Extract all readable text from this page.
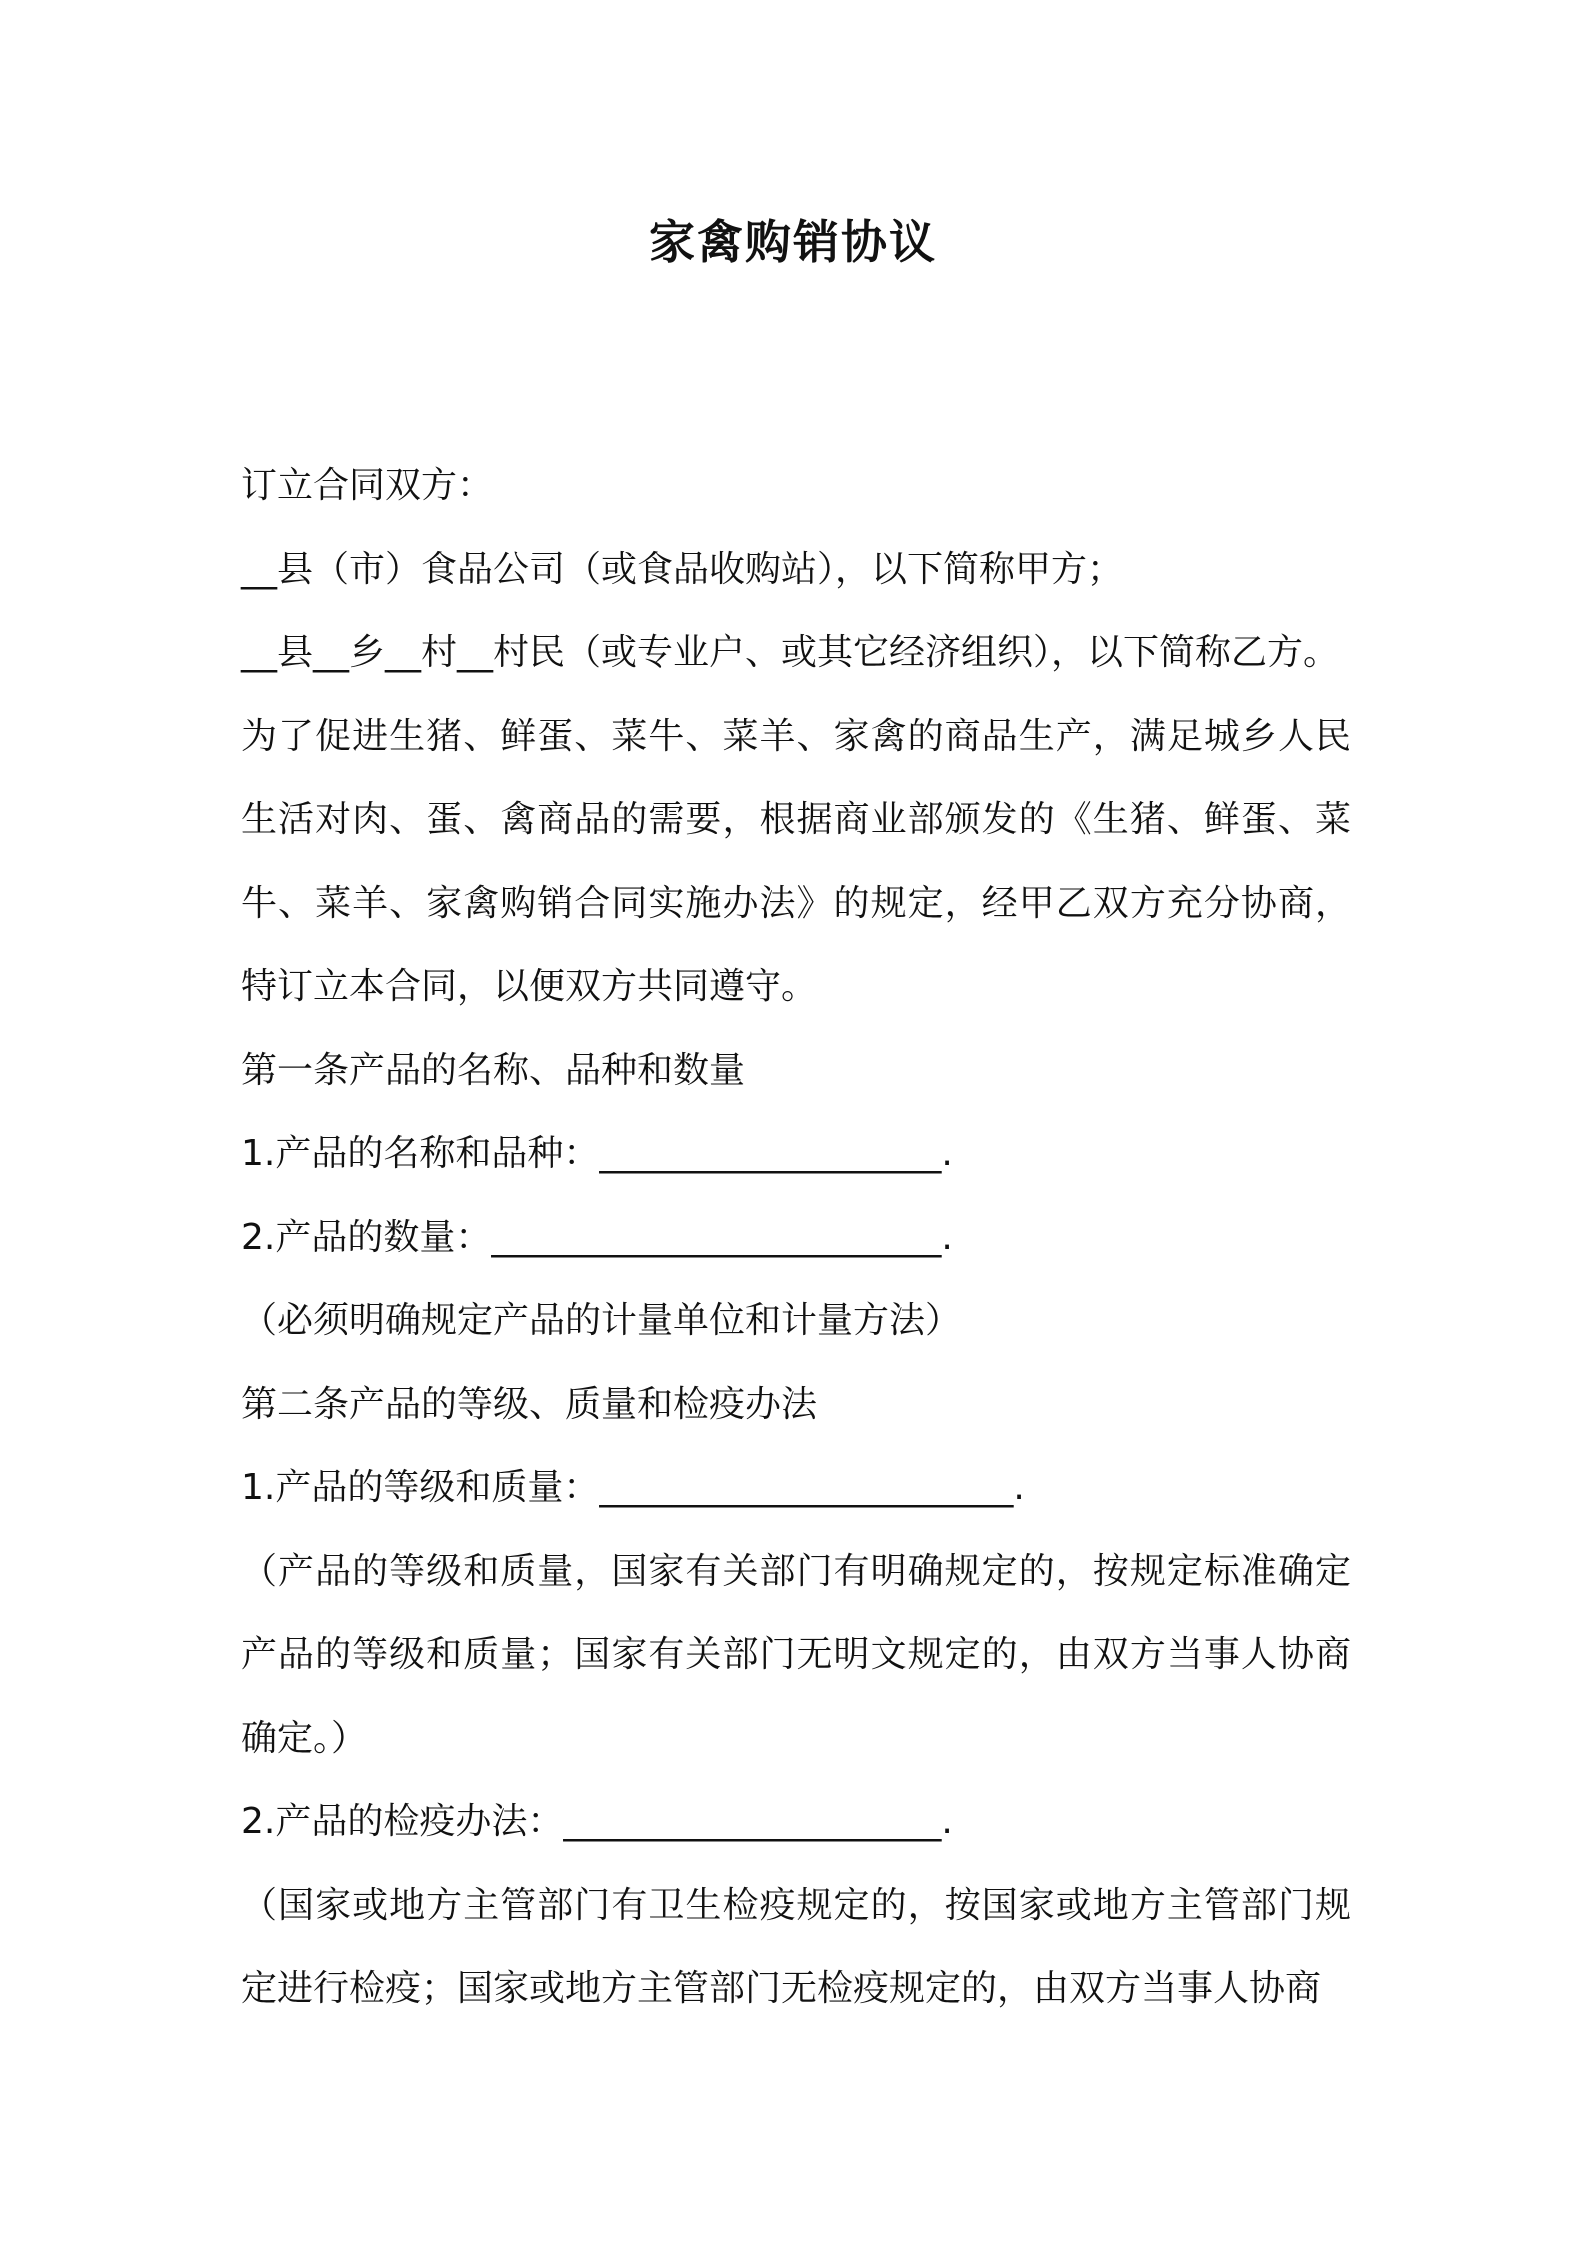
家禽购销协议

订立合同双方：

__县（市）食品公司（或食品收购站），以下简称甲方；

__县__乡__村__村民（或专业户、或其它经济组织），以下简称乙方。

为了促进生猪、鲜蛋、菜牛、菜羊、家禽的商品生产，满足城乡人民生活对肉、蛋、禽商品的需要，根据商业部颁发的《生猪、鲜蛋、菜牛、菜羊、家禽购销合同实施办法》的规定，经甲乙双方充分协商，特订立本合同，以便双方共同遵守。

第一条产品的名称、品种和数量

1.产品的名称和品种：___________________.

2.产品的数量：_________________________.

（必须明确规定产品的计量单位和计量方法）

第二条产品的等级、质量和检疫办法

1.产品的等级和质量：_______________________.

（产品的等级和质量，国家有关部门有明确规定的，按规定标准确定产品的等级和质量；国家有关部门无明文规定的，由双方当事人协商确定。）

2.产品的检疫办法：_____________________.

（国家或地方主管部门有卫生检疫规定的，按国家或地方主管部门规定进行检疫；国家或地方主管部门无检疫规定的，由双方当事人协商
